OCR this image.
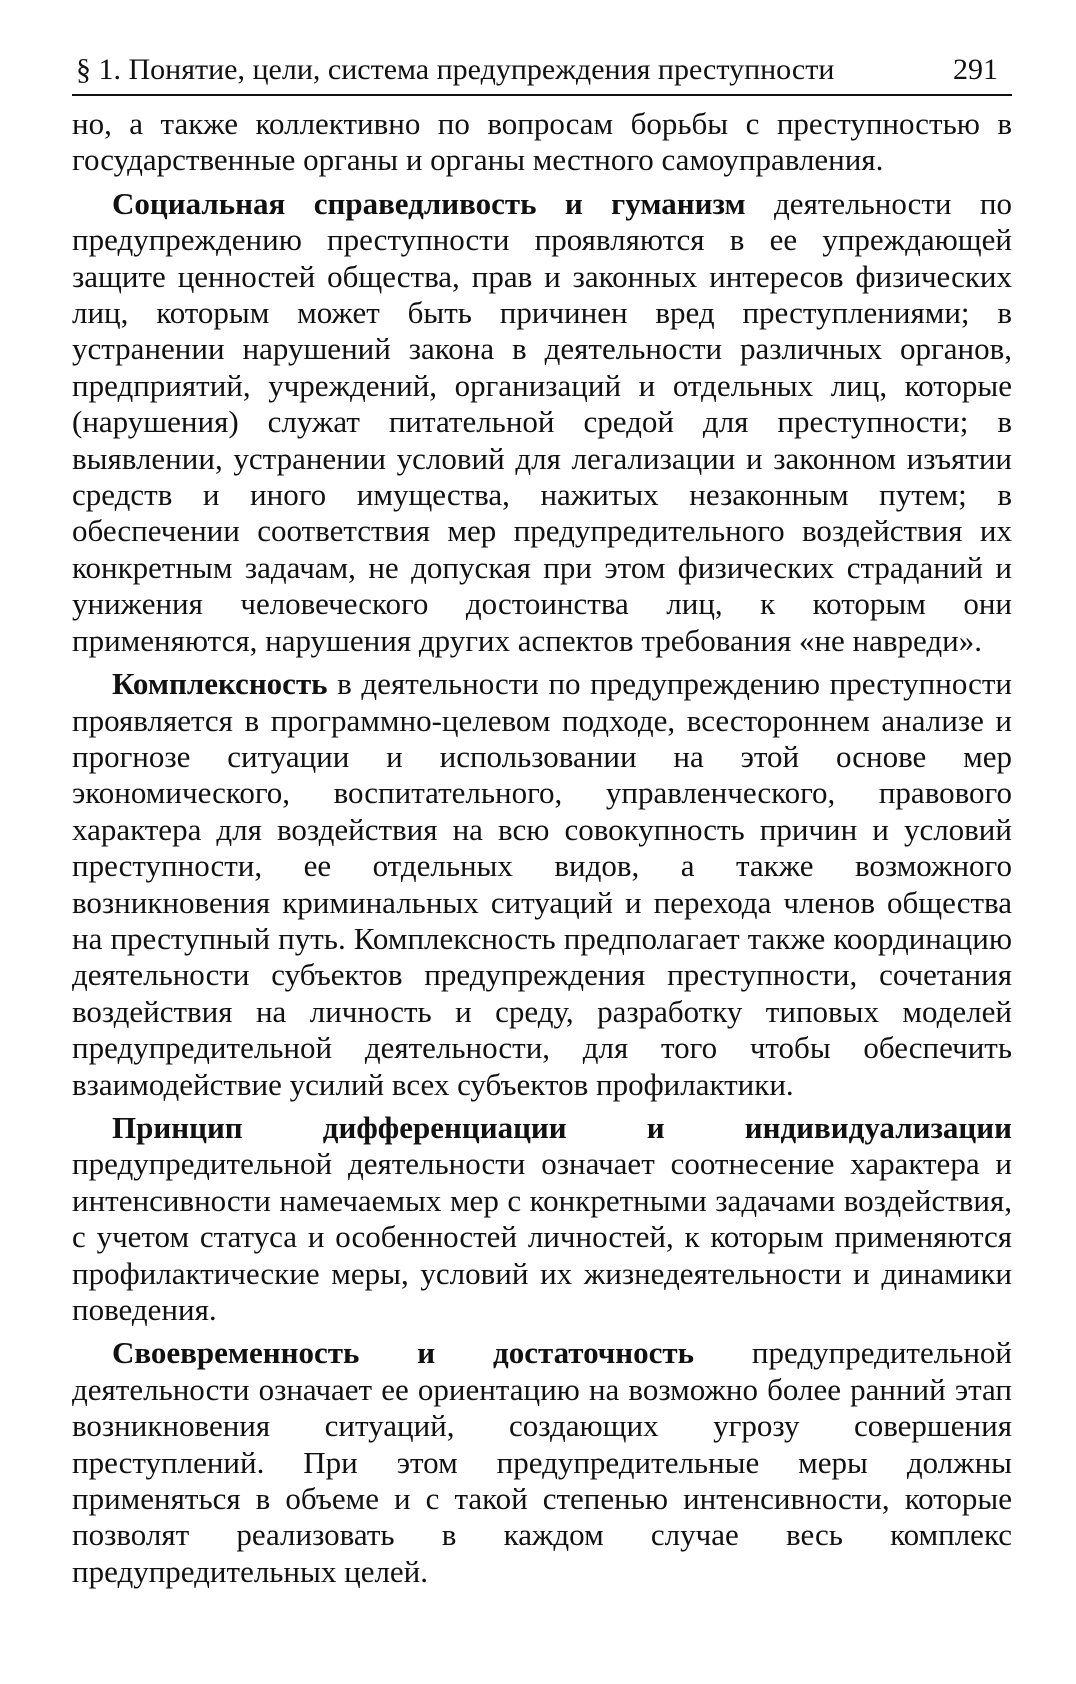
§ 1. Понятие, цели, система предупреждения преступности	291

но, а также коллективно по вопросам борьбы с преступностью в государственные органы и органы местного самоуправления.

Социальная справедливость и гуманизм деятельности по предупреждению преступности проявляются в ее упреждающей защите ценностей общества, прав и законных интересов физических лиц, которым может быть причинен вред преступлениями; в устранении нарушений закона в деятельности различных органов, предприятий, учреждений, организаций и отдельных лиц, которые (нарушения) служат питательной средой для преступности; в выявлении, устранении условий для легализации и законном изъятии средств и иного имущества, нажитых незаконным путем; в обеспечении соответствия мер предупредительного воздействия их конкретным задачам, не допуская при этом физических страданий и унижения человеческого достоинства лиц, к которым они применяются, нарушения других аспектов требования «не навреди».

Комплексность в деятельности по предупреждению преступности проявляется в программно-целевом подходе, всестороннем анализе и прогнозе ситуации и использовании на этой основе мер экономического, воспитательного, управленческого, правового характера для воздействия на всю совокупность причин и условий преступности, ее отдельных видов, а также возможного возникновения криминальных ситуаций и перехода членов общества на преступный путь. Комплексность предполагает также координацию деятельности субъектов предупреждения преступности, сочетания воздействия на личность и среду, разработку типовых моделей предупредительной деятельности, для того чтобы обеспечить взаимодействие усилий всех субъектов профилактики.

Принцип дифференциации и индивидуализации предупредительной деятельности означает соотнесение характера и интенсивности намечаемых мер с конкретными задачами воздействия, с учетом статуса и особенностей личностей, к которым применяются профилактические меры, условий их жизнедеятельности и динамики поведения.

Своевременность и достаточность предупредительной деятельности означает ее ориентацию на возможно более ранний этап возникновения ситуаций, создающих угрозу совершения преступлений. При этом предупредительные меры должны применяться в объеме и с такой степенью интенсивности, которые позволят реализовать в каждом случае весь комплекс предупредительных целей.
